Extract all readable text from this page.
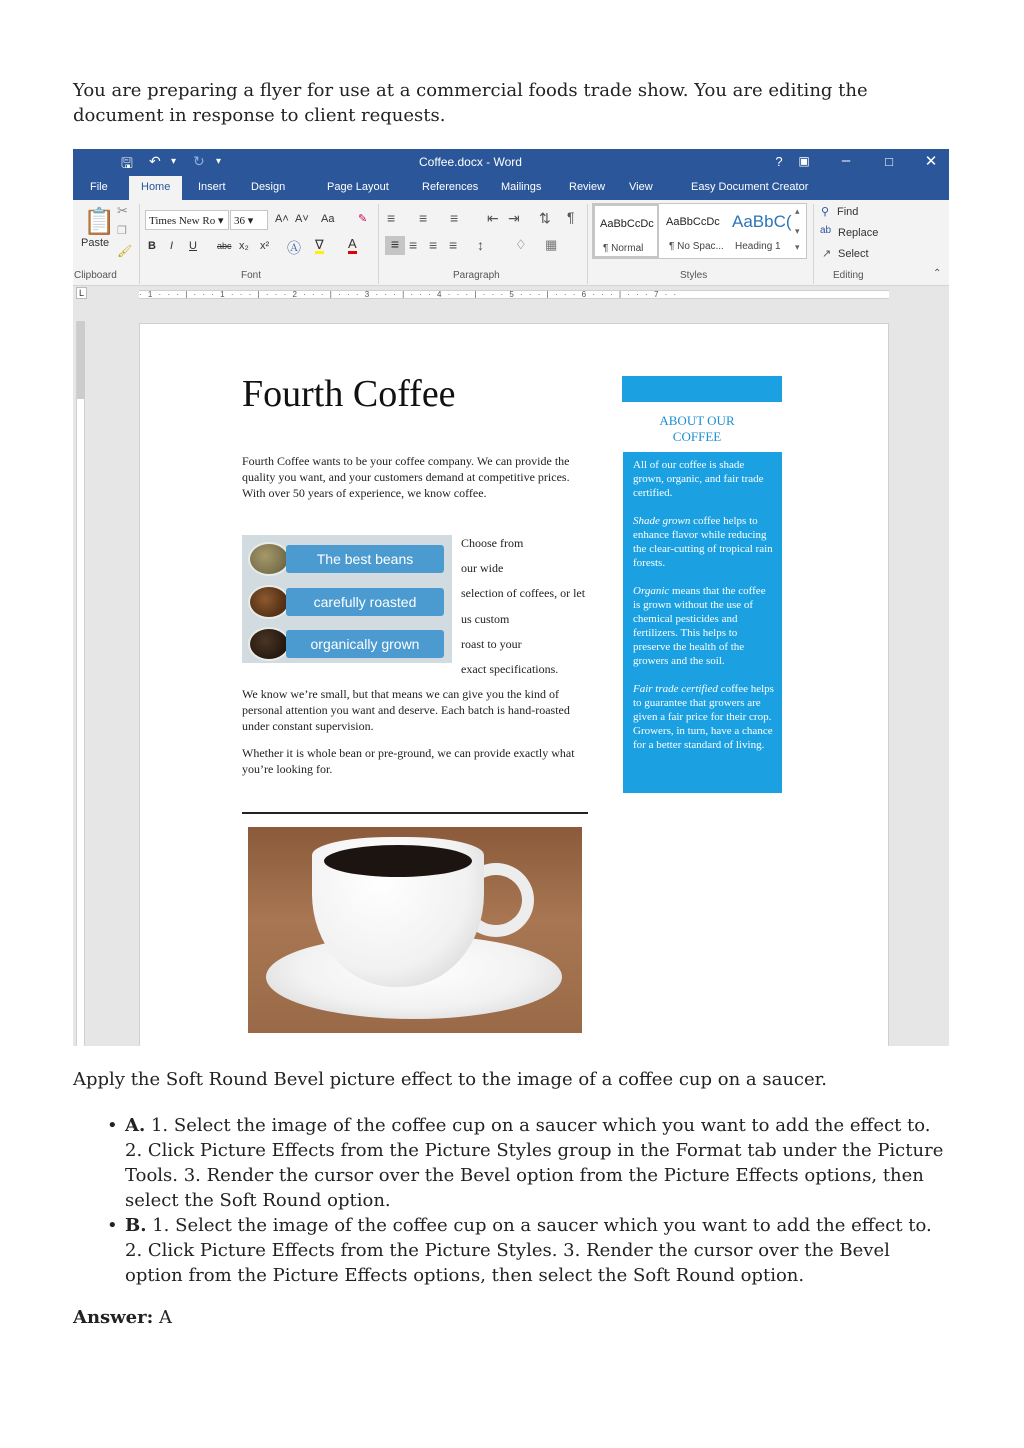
You are preparing a flyer for use at a commercial foods trade show. You are editing the document in response to client requests.

🖫 ↶ ▾ ↻ ▾	Coffee.docx - Word	?	▣	–	□	✕
File	Home	Insert Design	Page Layout	References Mailings	Review View	Easy Document Creator
📋
Paste
✂
❐
🖌
Clipboard
Times New Ro ▾ 36 ▾	A˄ A˅ Aa ✎
B I U abc x₂ x² Ⓐ ∇ A
Font
≡ ≡ ≡ ⇤ ⇥ ⇅ ¶
≡ ≡ ≡ ≡ ↕ ♢ ▦
Paragraph
AaBbCcDc
¶ Normal
AaBbCcDc
¶ No Spac...
AaBbC(
Heading 1
▴
▾
▾
Styles
⚲ Find
ab Replace
↗ Select
Editing	⌃
L	· 1 · · · | · · · 1 · · · | · · · 2 · · · | · · · 3 · · · | · · · 4 · · · | · · · 5 · · · | · · · 6 · · · | · · · 7 · ·
Fourth Coffee

Fourth Coffee wants to be your coffee company. We can provide the quality you want, and your customers demand at competitive prices. With over 50 years of experience, we know coffee.

The best beans
carefully roasted
organically grown
Choose from
our wide
selection of coffees, or let
us custom
roast to your
exact specifications.

We know we’re small, but that means we can give you the kind of personal attention you want and deserve. Each batch is hand-roasted under constant supervision.

Whether it is whole bean or pre-ground, we can provide exactly what you’re looking for.

ABOUT OUR
COFFEE

All of our coffee is shade grown, organic, and fair trade certified.

Shade grown coffee helps to enhance flavor while reducing the clear-cutting of tropical rain forests.

Organic means that the coffee is grown without the use of chemical pesticides and fertilizers. This helps to preserve the health of the growers and the soil.

Fair trade certified coffee helps to guarantee that growers are given a fair price for their crop. Growers, in turn, have a chance for a better standard of living.

Apply the Soft Round Bevel picture effect to the image of a coffee cup on a saucer.

• A. 1. Select the image of the coffee cup on a saucer which you want to add the effect to. 2. Click Picture Effects from the Picture Styles group in the Format tab under the Picture Tools. 3. Render the cursor over the Bevel option from the Picture Effects options, then select the Soft Round option.
• B. 1. Select the image of the coffee cup on a saucer which you want to add the effect to. 2. Click Picture Effects from the Picture Styles. 3. Render the cursor over the Bevel option from the Picture Effects options, then select the Soft Round option.

Answer: A
